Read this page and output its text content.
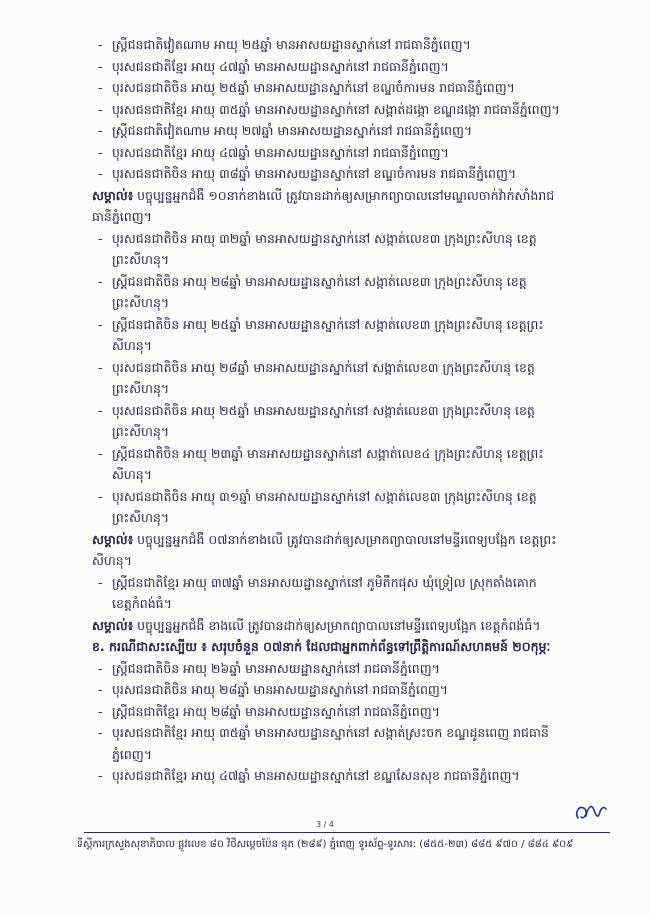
- ស្ត្រីជនជាតិវៀតណាម អាយុ ២៥ឆ្នាំ មានអាសយដ្ឋានស្នាក់នៅ រាជធានីភ្នំពេញ។
- បុរសជនជាតិខ្មែរ អាយុ ៤៧ឆ្នាំ មានអាសយដ្ឋានស្នាក់នៅ រាជធានីភ្នំពេញ។
- បុរសជនជាតិចិន អាយុ ២៥ឆ្នាំ មានអាសយដ្ឋានស្នាក់នៅ ខណ្ឌចំការមន រាជធានីភ្នំពេញ។
- បុរសជនជាតិខ្មែរ អាយុ ៣៥ឆ្នាំ មានអាសយដ្ឋានស្នាក់នៅ សង្កាត់ដង្កោ ខណ្ឌដង្កោ រាជធានីភ្នំពេញ។
- ស្ត្រីជនជាតិវៀតណាម អាយុ ២៧ឆ្នាំ មានអាសយដ្ឋានស្នាក់នៅ រាជធានីភ្នំពេញ។
- បុរសជនជាតិខ្មែរ អាយុ ៤៧ឆ្នាំ មានអាសយដ្ឋានស្នាក់នៅ រាជធានីភ្នំពេញ។
- បុរសជនជាតិចិន អាយុ ៣៨ឆ្នាំ មានអាសយដ្ឋានស្នាក់នៅ ខណ្ឌចំការមន រាជធានីភ្នំពេញ។
សម្គាល់៖ បច្ចុប្បន្នអ្នកជំងឺ ១០នាក់ខាងលើ ត្រូវបានដាក់ឲ្យសម្រាកព្យាបាលនៅមណ្ឌលចាក់វ៉ាក់សាំងរាជ
ធានីភ្នំពេញ។
- បុរសជនជាតិចិន អាយុ ៣២ឆ្នាំ មានអាសយដ្ឋានស្នាក់នៅ សង្កាត់លេខ៣ ក្រុងព្រះសីហនុ ខេត្ត
ព្រះសីហនុ។
- ស្ត្រីជនជាតិចិន អាយុ ២៨ឆ្នាំ មានអាសយដ្ឋានស្នាក់នៅ សង្កាត់លេខ៣ ក្រុងព្រះសីហនុ ខេត្ត
ព្រះសីហនុ។
- ស្ត្រីជនជាតិចិន អាយុ ២៥ឆ្នាំ មានអាសយដ្ឋានស្នាក់នៅ សង្កាត់លេខ៣ ក្រុងព្រះសីហនុ ខេត្តព្រះ
សីហនុ។
- បុរសជនជាតិចិន អាយុ ២៨ឆ្នាំ មានអាសយដ្ឋានស្នាក់នៅ សង្កាត់លេខ៣ ក្រុងព្រះសីហនុ ខេត្ត
ព្រះសីហនុ។
- បុរសជនជាតិចិន អាយុ ២៥ឆ្នាំ មានអាសយដ្ឋានស្នាក់នៅ សង្កាត់លេខ៣ ក្រុងព្រះសីហនុ ខេត្ត
ព្រះសីហនុ។
- ស្ត្រីជនជាតិចិន អាយុ ២៣ឆ្នាំ មានអាសយដ្ឋានស្នាក់នៅ សង្កាត់លេខ៤ ក្រុងព្រះសីហនុ ខេត្តព្រះ
សីហនុ។
- បុរសជនជាតិចិន អាយុ ៣១ឆ្នាំ មានអាសយដ្ឋានស្នាក់នៅ សង្កាត់លេខ៣ ក្រុងព្រះសីហនុ ខេត្ត
ព្រះសីហនុ។
សម្គាល់៖ បច្ចុប្បន្នអ្នកជំងឺ ០៧នាក់ខាងលើ ត្រូវបានដាក់ឲ្យសម្រាកព្យាបាលនៅមន្ទីរពេទ្យបង្អែក ខេត្តព្រះ
សីហនុ។
- ស្ត្រីជនជាតិខ្មែរ អាយុ ៣៧ឆ្នាំ មានអាសយដ្ឋានស្នាក់នៅ ភូមិតឹកផុស ឃុំទ្រៀល ស្រុកតាំងគោក
ខេត្តកំពង់ធំ។
សម្គាល់៖ បច្ចុប្បន្នអ្នកជំងឺ ខាងលើ ត្រូវបានដាក់ឲ្យសម្រាកព្យាបាលនៅមន្ទីរពេទ្យបង្អែក ខេត្តកំពង់ធំ។
ខ. ករណីជាសះស្បើយ ៖ សរុបចំនួន ០៧នាក់ ដែលជាអ្នកពាក់ព័ន្ធទៅព្រឹត្តិការណ៍សហគមន៍ ២០កុម្ភៈ
- ស្ត្រីជនជាតិចិន អាយុ ២៦ឆ្នាំ មានអាសយដ្ឋានស្នាក់នៅ រាជធានីភ្នំពេញ។
- បុរសជនជាតិចិន អាយុ ២៨ឆ្នាំ មានអាសយដ្ឋានស្នាក់នៅ រាជធានីភ្នំពេញ។
- ស្ត្រីជនជាតិខ្មែរ អាយុ ២៨ឆ្នាំ មានអាសយដ្ឋានស្នាក់នៅ រាជធានីភ្នំពេញ។
- បុរសជនជាតិខ្មែរ អាយុ ៣៥ឆ្នាំ មានអាសយដ្ឋានស្នាក់នៅ សង្កាត់ស្រះចក ខណ្ឌដូនពេញ រាជធានី
ភ្នំពេញ។
- បុរសជនជាតិខ្មែរ អាយុ ៤៧ឆ្នាំ មានអាសយដ្ឋានស្នាក់នៅ ខណ្ឌសែនសុខ រាជធានីភ្នំពេញ។
3 / 4
ទីស្តីការក្រសួងសុខាភិបាល ផ្លូវលេខ ៨០ វិថីសម្តេចប៉ែន នុត (២៨៩) ភ្នំពេញ ទូរស័ព្ទ-ទូរសារ: (៨៥៥-២៣) ៨៨៥ ៩៧០ / ៨៨៤ ៩០៩
